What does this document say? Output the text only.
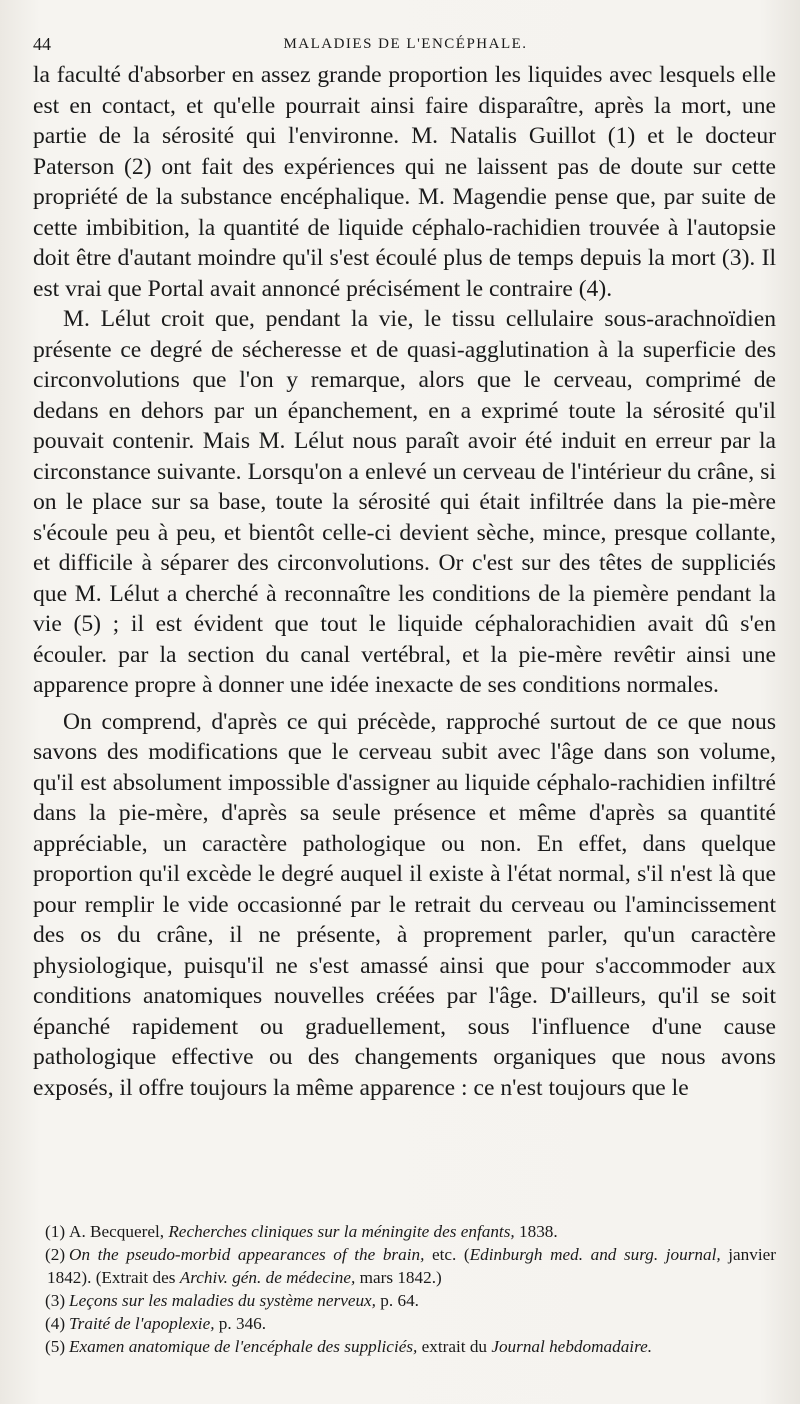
44	MALADIES DE L'ENCÉPHALE.

la faculté d'absorber en assez grande proportion les liquides avec lesquels elle est en contact, et qu'elle pourrait ainsi faire disparaître, après la mort, une partie de la sérosité qui l'environne. M. Natalis Guillot (1) et le docteur Paterson (2) ont fait des expériences qui ne laissent pas de doute sur cette propriété de la substance encéphalique. M. Magendie pense que, par suite de cette imbibition, la quantité de liquide céphalo-rachidien trouvée à l'autopsie doit être d'autant moindre qu'il s'est écoulé plus de temps depuis la mort (3). Il est vrai que Portal avait annoncé précisément le contraire (4).

M. Lélut croit que, pendant la vie, le tissu cellulaire sous-arachnoïdien présente ce degré de sécheresse et de quasi-agglutination à la superficie des circonvolutions que l'on y remarque, alors que le cerveau, comprimé de dedans en dehors par un épanchement, en a exprimé toute la sérosité qu'il pouvait contenir. Mais M. Lélut nous paraît avoir été induit en erreur par la circonstance suivante. Lorsqu'on a enlevé un cerveau de l'intérieur du crâne, si on le place sur sa base, toute la sérosité qui était infiltrée dans la pie-mère s'écoule peu à peu, et bientôt celle-ci devient sèche, mince, presque collante, et difficile à séparer des circonvolutions. Or c'est sur des têtes de suppliciés que M. Lélut a cherché à reconnaître les conditions de la piemère pendant la vie (5) ; il est évident que tout le liquide céphalorachidien avait dû s'en écouler. par la section du canal vertébral, et la pie-mère revêtir ainsi une apparence propre à donner une idée inexacte de ses conditions normales.

On comprend, d'après ce qui précède, rapproché surtout de ce que nous savons des modifications que le cerveau subit avec l'âge dans son volume, qu'il est absolument impossible d'assigner au liquide céphalo-rachidien infiltré dans la pie-mère, d'après sa seule présence et même d'après sa quantité appréciable, un caractère pathologique ou non. En effet, dans quelque proportion qu'il excède le degré auquel il existe à l'état normal, s'il n'est là que pour remplir le vide occasionné par le retrait du cerveau ou l'amincissement des os du crâne, il ne présente, à proprement parler, qu'un caractère physiologique, puisqu'il ne s'est amassé ainsi que pour s'accommoder aux conditions anatomiques nouvelles créées par l'âge. D'ailleurs, qu'il se soit épanché rapidement ou graduellement, sous l'influence d'une cause pathologique effective ou des changements organiques que nous avons exposés, il offre toujours la même apparence : ce n'est toujours que le

(1) A. Becquerel, Recherches cliniques sur la méningite des enfants, 1838.

(2) On the pseudo-morbid appearances of the brain, etc. (Edinburgh med. and surg. journal, janvier 1842). (Extrait des Archiv. gén. de médecine, mars 1842.)

(3) Leçons sur les maladies du système nerveux, p. 64.

(4) Traité de l'apoplexie, p. 346.

(5) Examen anatomique de l'encéphale des suppliciés, extrait du Journal hebdomadaire.
